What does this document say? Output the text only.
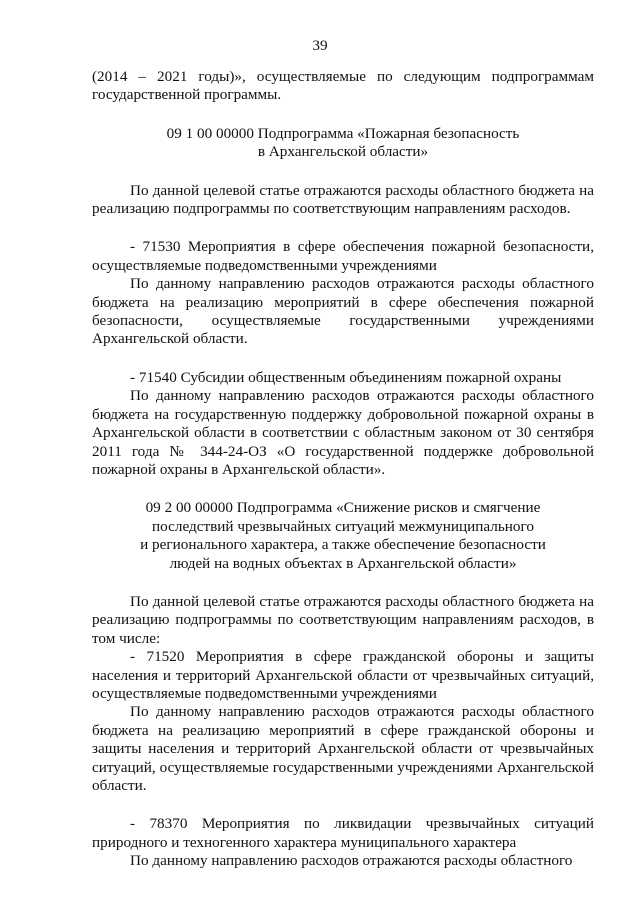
39

(2014 – 2021 годы)», осуществляемые по следующим подпрограммам государственной программы.

09 1 00 00000 Подпрограмма «Пожарная безопасность

в Архангельской области»

По данной целевой статье отражаются расходы областного бюджета на реализацию подпрограммы по соответствующим направлениям расходов.

- 71530 Мероприятия в сфере обеспечения пожарной безопасности, осуществляемые подведомственными учреждениями

По данному направлению расходов отражаются расходы областного бюджета на реализацию мероприятий в сфере обеспечения пожарной безопасности, осуществляемые государственными учреждениями Архангельской области.

- 71540 Субсидии общественным объединениям пожарной охраны

По данному направлению расходов отражаются расходы областного бюджета на государственную поддержку добровольной пожарной охраны в Архангельской области в соответствии с областным законом от 30 сентября 2011 года № 344-24-ОЗ «О государственной поддержке добровольной пожарной охраны в Архангельской области».

09 2 00 00000 Подпрограмма «Снижение рисков и смягчение

последствий чрезвычайных ситуаций межмуниципального

и регионального характера, а также обеспечение безопасности

людей на водных объектах в Архангельской области»

По данной целевой статье отражаются расходы областного бюджета на реализацию подпрограммы по соответствующим направлениям расходов, в том числе:

- 71520 Мероприятия в сфере гражданской обороны и защиты населения и территорий Архангельской области от чрезвычайных ситуаций, осуществляемые подведомственными учреждениями

По данному направлению расходов отражаются расходы областного бюджета на реализацию мероприятий в сфере гражданской обороны и защиты населения и территорий Архангельской области от чрезвычайных ситуаций, осуществляемые государственными учреждениями Архангельской области.

- 78370 Мероприятия по ликвидации чрезвычайных ситуаций природного и техногенного характера муниципального характера

По данному направлению расходов отражаются расходы областного
